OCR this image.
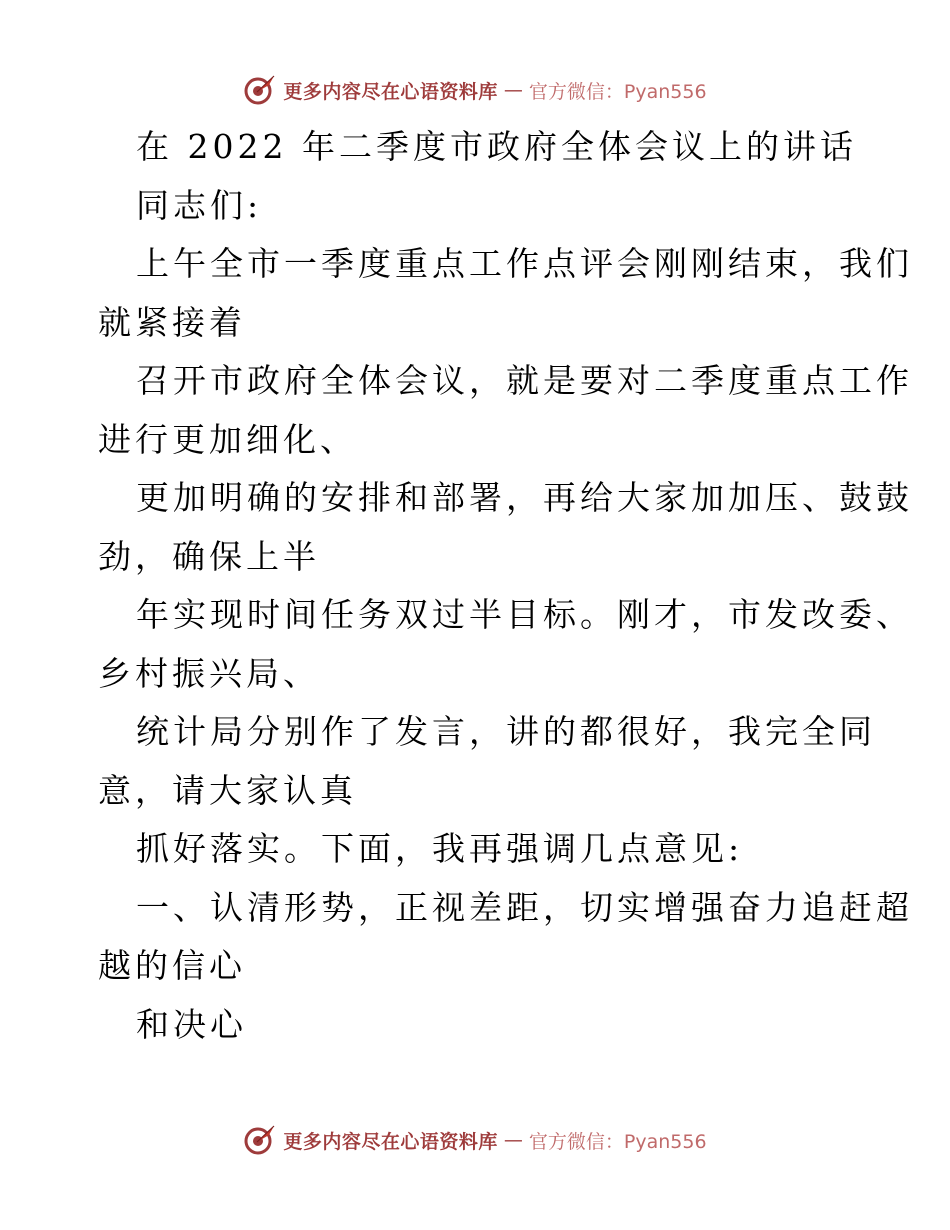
更多内容尽在心语资料库 — 官方微信：Pyan556
在 2022 年二季度市政府全体会议上的讲话
同志们:
上午全市一季度重点工作点评会刚刚结束，我们
就紧接着
召开市政府全体会议，就是要对二季度重点工作
进行更加细化、
更加明确的安排和部署，再给大家加加压、鼓鼓
劲，确保上半
年实现时间任务双过半目标。刚才，市发改委、
乡村振兴局、
统计局分别作了发言，讲的都很好，我完全同
意，请大家认真
抓好落实。下面，我再强调几点意见:
一、认清形势，正视差距，切实增强奋力追赶超
越的信心
和决心
更多内容尽在心语资料库 — 官方微信：Pyan556
